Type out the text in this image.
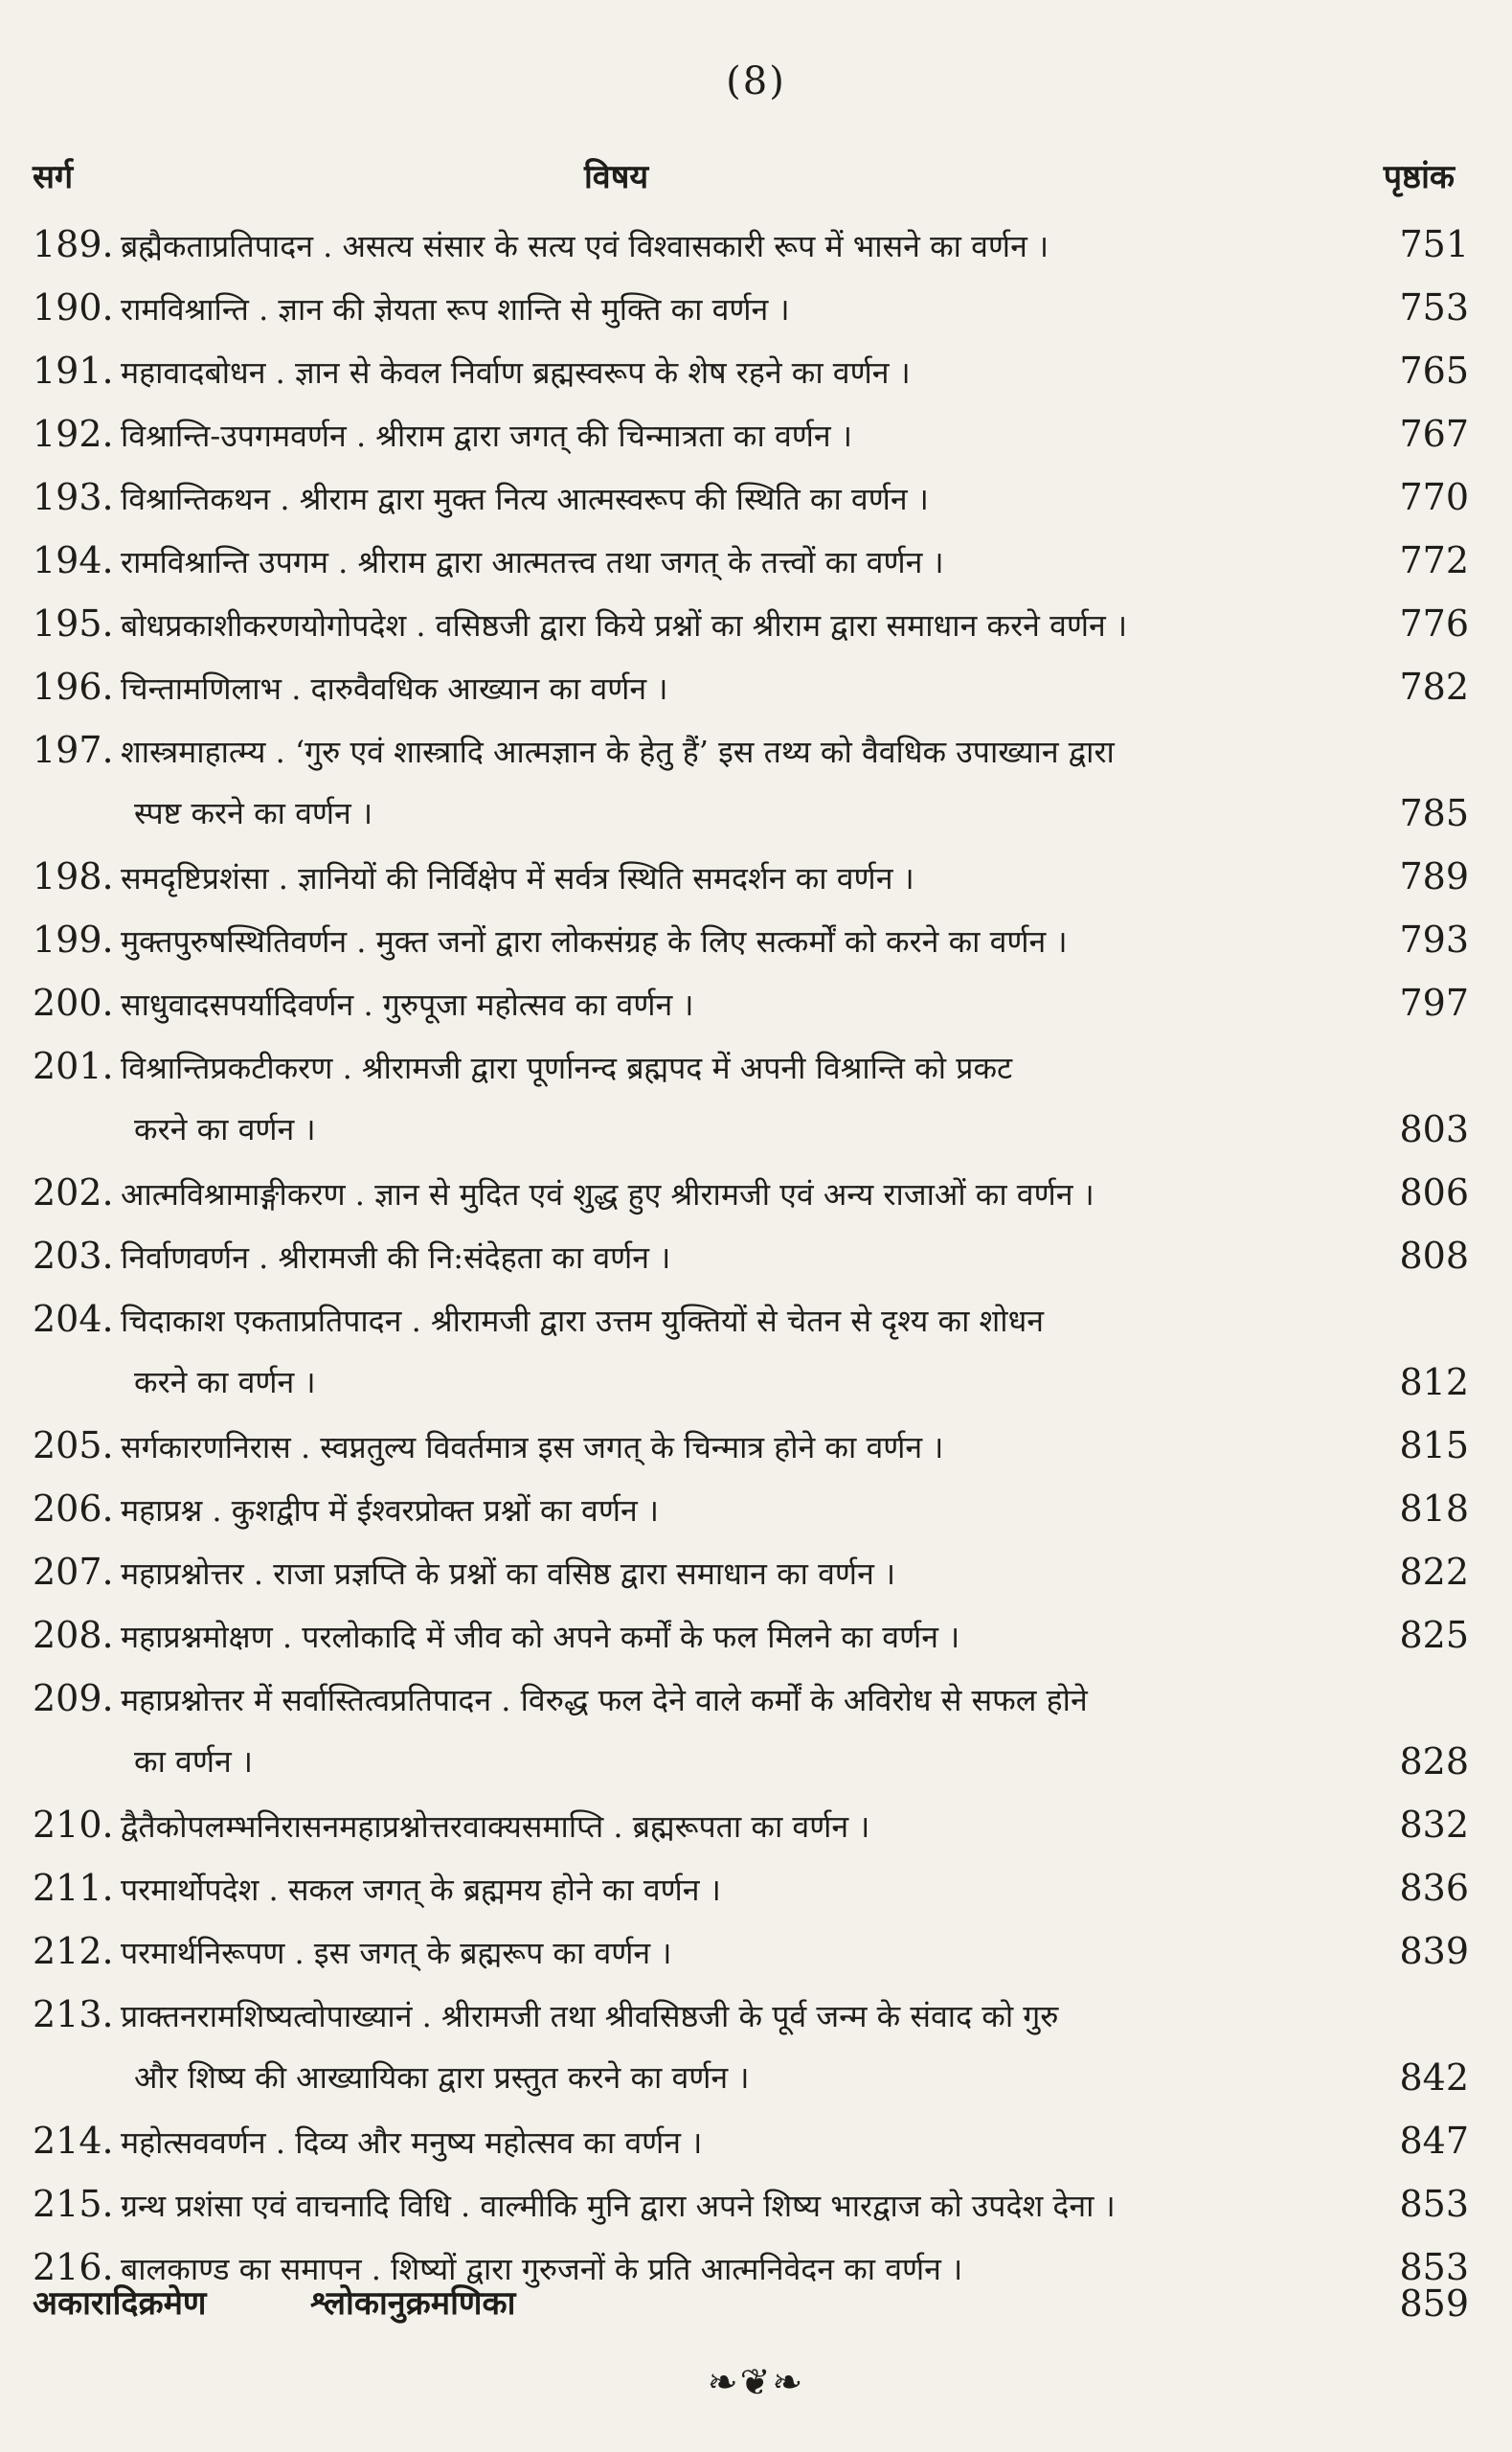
(8)
सर्ग	विषय	पृष्ठांक
189. ब्रह्मैकताप्रतिपादन . असत्य संसार के सत्य एवं विश्वासकारी रूप में भासने का वर्णन ।	751
190. रामविश्रान्ति . ज्ञान की ज्ञेयता रूप शान्ति से मुक्ति का वर्णन ।	753
191. महावादबोधन . ज्ञान से केवल निर्वाण ब्रह्मस्वरूप के शेष रहने का वर्णन ।	765
192. विश्रान्ति-उपगमवर्णन . श्रीराम द्वारा जगत् की चिन्मात्रता का वर्णन ।	767
193. विश्रान्तिकथन . श्रीराम द्वारा मुक्त नित्य आत्मस्वरूप की स्थिति का वर्णन ।	770
194. रामविश्रान्ति उपगम . श्रीराम द्वारा आत्मतत्त्व तथा जगत् के तत्त्वों का वर्णन ।	772
195. बोधप्रकाशीकरणयोगोपदेश . वसिष्ठजी द्वारा किये प्रश्नों का श्रीराम द्वारा समाधान करने वर्णन ।	776
196. चिन्तामणिलाभ . दारुवैवधिक आख्यान का वर्णन ।	782
197. शास्त्रमाहात्म्य . ‘गुरु एवं शास्त्रादि आत्मज्ञान के हेतु हैं’ इस तथ्य को वैवधिक उपाख्यान द्वारा
स्पष्ट करने का वर्णन ।	785
198. समदृष्टिप्रशंसा . ज्ञानियों की निर्विक्षेप में सर्वत्र स्थिति समदर्शन का वर्णन ।	789
199. मुक्तपुरुषस्थितिवर्णन . मुक्त जनों द्वारा लोकसंग्रह के लिए सत्कर्मों को करने का वर्णन ।	793
200. साधुवादसपर्यादिवर्णन . गुरुपूजा महोत्सव का वर्णन ।	797
201. विश्रान्तिप्रकटीकरण . श्रीरामजी द्वारा पूर्णानन्द ब्रह्मपद में अपनी विश्रान्ति को प्रकट
करने का वर्णन ।	803
202. आत्मविश्रामाङ्गीकरण . ज्ञान से मुदित एवं शुद्ध हुए श्रीरामजी एवं अन्य राजाओं का वर्णन ।	806
203. निर्वाणवर्णन . श्रीरामजी की नि:संदेहता का वर्णन ।	808
204. चिदाकाश एकताप्रतिपादन . श्रीरामजी द्वारा उत्तम युक्तियों से चेतन से दृश्य का शोधन
करने का वर्णन ।	812
205. सर्गकारणनिरास . स्वप्नतुल्य विवर्तमात्र इस जगत् के चिन्मात्र होने का वर्णन ।	815
206. महाप्रश्न . कुशद्वीप में ईश्वरप्रोक्त प्रश्नों का वर्णन ।	818
207. महाप्रश्नोत्तर . राजा प्रज्ञप्ति के प्रश्नों का वसिष्ठ द्वारा समाधान का वर्णन ।	822
208. महाप्रश्नमोक्षण . परलोकादि में जीव को अपने कर्मों के फल मिलने का वर्णन ।	825
209. महाप्रश्नोत्तर में सर्वास्तित्वप्रतिपादन . विरुद्ध फल देने वाले कर्मों के अविरोध से सफल होने
का वर्णन ।	828
210. द्वैतैकोपलम्भनिरासनमहाप्रश्नोत्तरवाक्यसमाप्ति . ब्रह्मरूपता का वर्णन ।	832
211. परमार्थोपदेश . सकल जगत् के ब्रह्ममय होने का वर्णन ।	836
212. परमार्थनिरूपण . इस जगत् के ब्रह्मरूप का वर्णन ।	839
213. प्राक्तनरामशिष्यत्वोपाख्यानं . श्रीरामजी तथा श्रीवसिष्ठजी के पूर्व जन्म के संवाद को गुरु
और शिष्य की आख्यायिका द्वारा प्रस्तुत करने का वर्णन ।	842
214. महोत्सववर्णन . दिव्य और मनुष्य महोत्सव का वर्णन ।	847
215. ग्रन्थ प्रशंसा एवं वाचनादि विधि . वाल्मीकि मुनि द्वारा अपने शिष्य भारद्वाज को उपदेश देना ।	853
216. बालकाण्ड का समापन . शिष्यों द्वारा गुरुजनों के प्रति आत्मनिवेदन का वर्णन ।	853
अकारादिक्रमेण	श्लोकानुक्रमणिका	859
❧❦❧
